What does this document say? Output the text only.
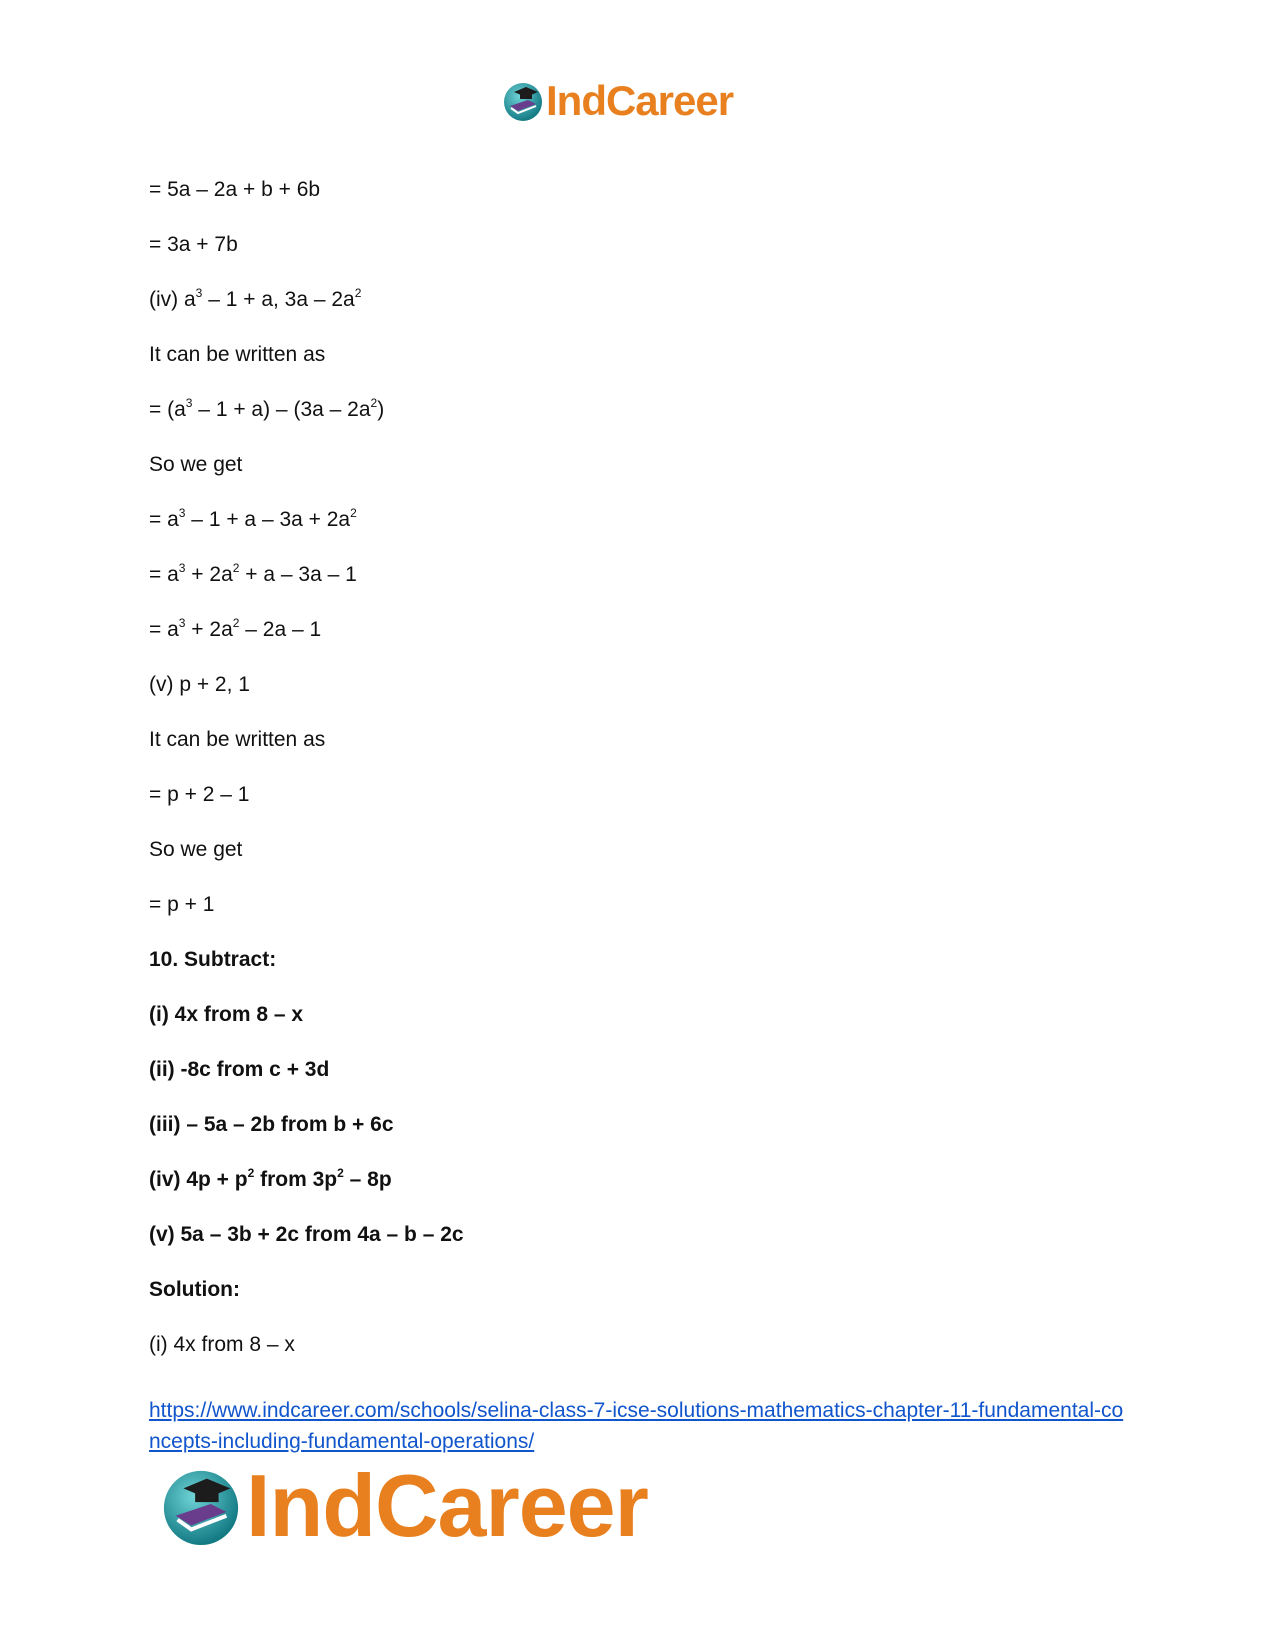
IndCareer
= 5a – 2a + b + 6b
= 3a + 7b
(iv) $a^3 - 1 + a$, $3a - 2a^2$
It can be written as
= $(a^3 - 1 + a) - (3a - 2a^2)$
So we get
= $a^3 - 1 + a - 3a + 2a^2$
= $a^3 + 2a^2 + a - 3a - 1$
= $a^3 + 2a^2 - 2a - 1$
(v) p + 2, 1
It can be written as
= p + 2 – 1
So we get
= p + 1
10. Subtract:
(i) 4x from 8 – x
(ii) -8c from c + 3d
(iii) – 5a – 2b from b + 6c
(iv) $4p + p^2$ from $3p^2 - 8p$
(v) 5a – 3b + 2c from 4a – b – 2c
Solution:
(i) 4x from 8 – x
https://www.indcareer.com/schools/selina-class-7-icse-solutions-mathematics-chapter-11-fundamental-concepts-including-fundamental-operations/
IndCareer
